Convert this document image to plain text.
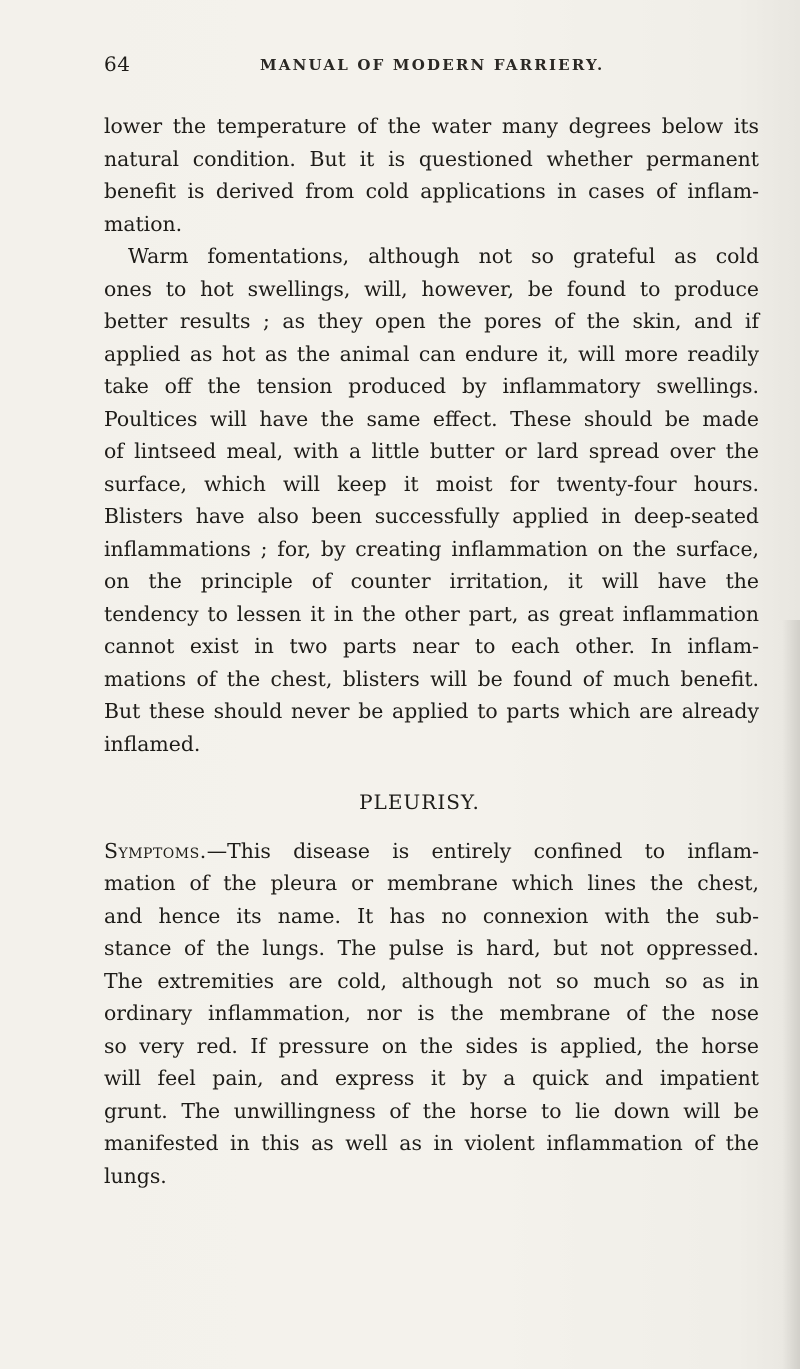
64	MANUAL OF MODERN FARRIERY.
lower the temperature of the water many degrees below its
natural condition. But it is questioned whether permanent
benefit is derived from cold applications in cases of inflam-
mation.
Warm fomentations, although not so grateful as cold
ones to hot swellings, will, however, be found to produce
better results ; as they open the pores of the skin, and if
applied as hot as the animal can endure it, will more readily
take off the tension produced by inflammatory swellings.
Poultices will have the same effect. These should be made
of lintseed meal, with a little butter or lard spread over the
surface, which will keep it moist for twenty-four hours.
Blisters have also been successfully applied in deep-seated
inflammations ; for, by creating inflammation on the surface,
on the principle of counter irritation, it will have the
tendency to lessen it in the other part, as great inflammation
cannot exist in two parts near to each other. In inflam-
mations of the chest, blisters will be found of much benefit.
But these should never be applied to parts which are already
inflamed.
PLEURISY.
Symptoms.—This disease is entirely confined to inflam-
mation of the pleura or membrane which lines the chest,
and hence its name. It has no connexion with the sub-
stance of the lungs. The pulse is hard, but not oppressed.
The extremities are cold, although not so much so as in
ordinary inflammation, nor is the membrane of the nose
so very red. If pressure on the sides is applied, the horse
will feel pain, and express it by a quick and impatient
grunt. The unwillingness of the horse to lie down will be
manifested in this as well as in violent inflammation of the
lungs.
